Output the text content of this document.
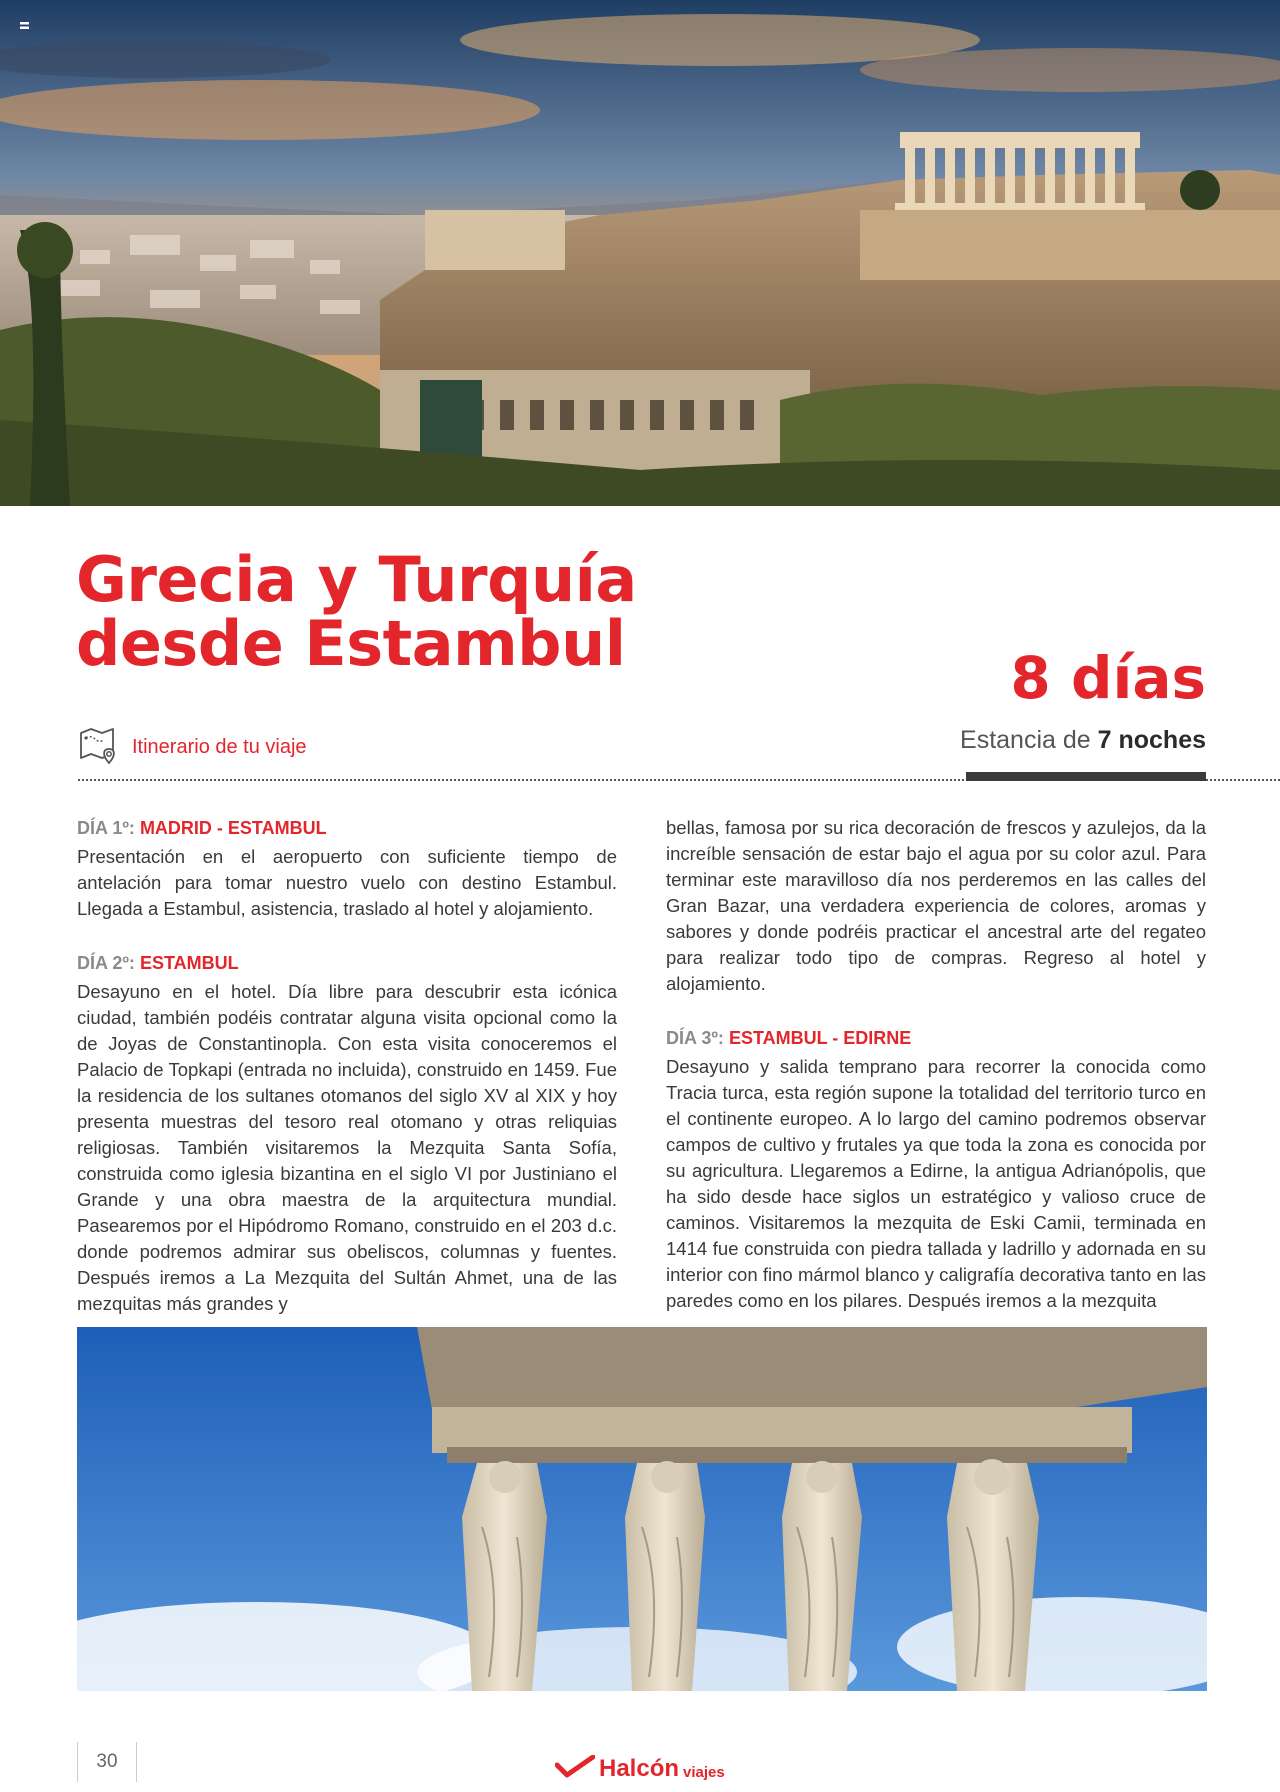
Grecia y Turquía
desde Estambul	8 días
Itinerario de tu viaje	Estancia de 7 noches
DÍA 1º: MADRID - ESTAMBUL

Presentación en el aeropuerto con suficiente tiempo de antelación para tomar nuestro vuelo con destino Estambul. Llegada a Estambul, asistencia, traslado al hotel y alojamiento.

DÍA 2º: ESTAMBUL

Desayuno en el hotel. Día libre para descubrir esta icónica ciudad, también podéis contratar alguna visita opcional como la de Joyas de Constantinopla. Con esta visita conoceremos el Palacio de Topkapi (entrada no incluida), construido en 1459. Fue la residencia de los sultanes otomanos del siglo XV al XIX y hoy presenta muestras del tesoro real otomano y otras reliquias religiosas. También visitaremos la Mezquita Santa Sofía, construida como iglesia bizantina en el siglo VI por Justiniano el Grande y una obra maestra de la arquitectura mundial. Pasearemos por el Hipódromo Romano, construido en el 203 d.c. donde podremos admirar sus obeliscos, columnas y fuentes. Después iremos a La Mezquita del Sultán Ahmet, una de las mezquitas más grandes y

bellas, famosa por su rica decoración de frescos y azulejos, da la increíble sensación de estar bajo el agua por su color azul. Para terminar este maravilloso día nos perderemos en las calles del Gran Bazar, una verdadera experiencia de colores, aromas y sabores y donde podréis practicar el ancestral arte del regateo para realizar todo tipo de compras. Regreso al hotel y alojamiento.

DÍA 3º: ESTAMBUL - EDIRNE

Desayuno y salida temprano para recorrer la conocida como Tracia turca, esta región supone la totalidad del territorio turco en el continente europeo. A lo largo del camino podremos observar campos de cultivo y frutales ya que toda la zona es conocida por su agricultura. Llegaremos a Edirne, la antigua Adrianópolis, que ha sido desde hace siglos un estratégico y valioso cruce de caminos. Visitaremos la mezquita de Eski Camii, terminada en 1414 fue construida con piedra tallada y ladrillo y adornada en su interior con fino mármol blanco y caligrafía decorativa tanto en las paredes como en los pilares. Después iremos a la mezquita

30	Halcón viajes
